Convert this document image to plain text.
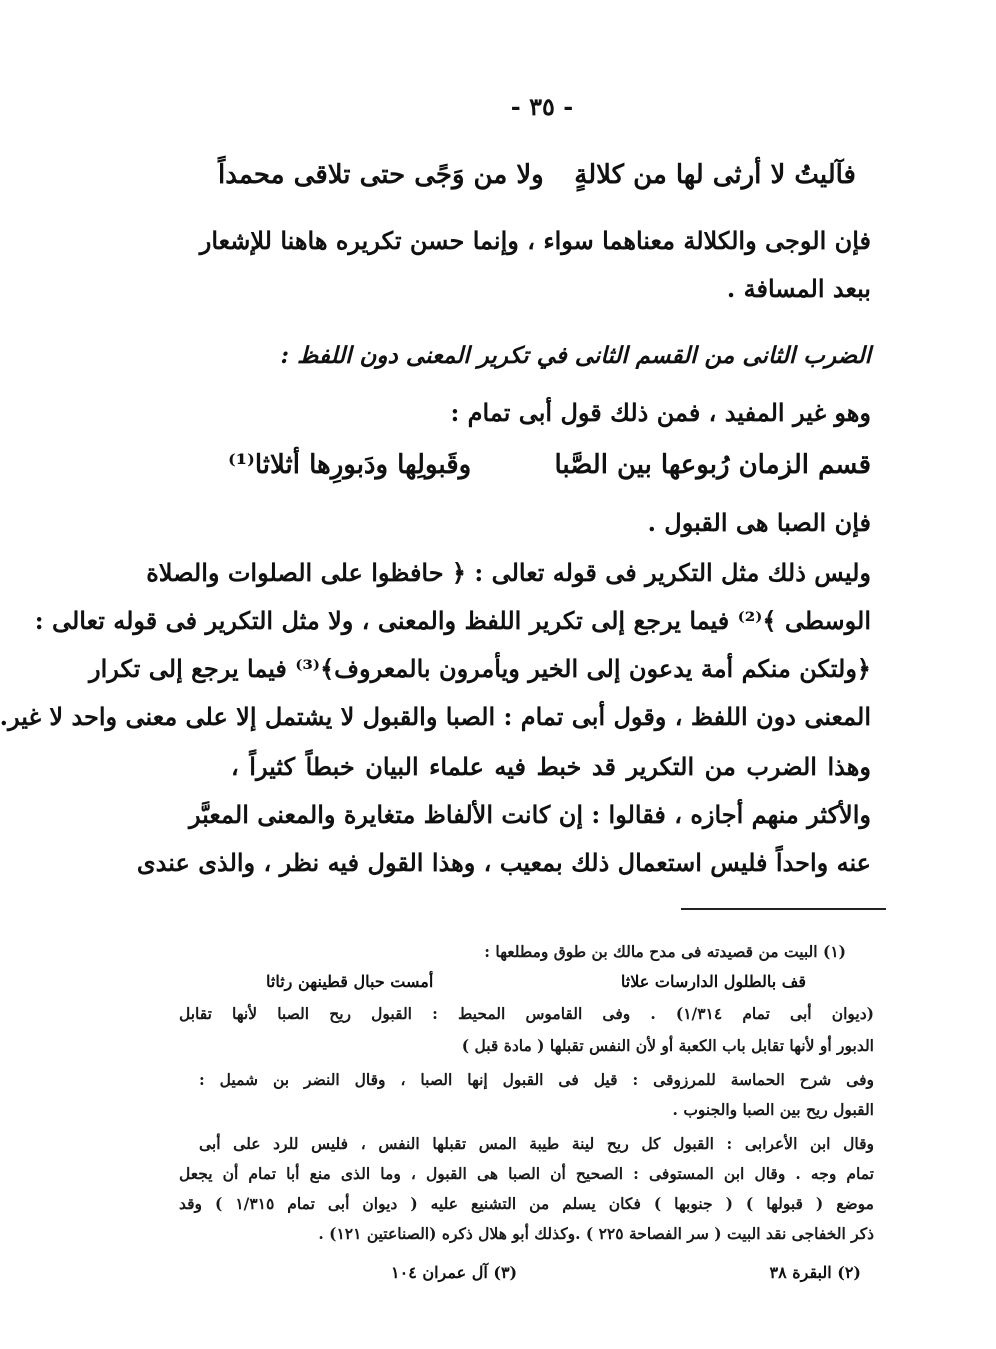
- ٣٥ -
فآليتُ لا أرثى لها من كلالةٍ
ولا من وَجًى حتى تلاقى محمداً
فإن الوجى والكلالة معناهما سواء ، وإنما حسن تكريره هاهنا للإشعار
ببعد المسافة .
الضرب الثانى من القسم الثانى في تكرير المعنى دون اللفظ :
وهو غير المفيد ، فمن ذلك قول أبى تمام :
قسم الزمان رُبوعها بين الصَّبا
وقَبولِها ودَبورِها أثلاثا⁽¹⁾
فإن الصبا هى القبول .
وليس ذلك مثل التكرير فى قوله تعالى : ﴿ حافظوا على الصلوات والصلاة
الوسطى ﴾⁽²⁾ فيما يرجع إلى تكرير اللفظ والمعنى ، ولا مثل التكرير فى قوله تعالى :
﴿ولتكن منكم أمة يدعون إلى الخير ويأمرون بالمعروف﴾⁽³⁾ فيما يرجع إلى تكرار
المعنى دون اللفظ ، وقول أبى تمام : الصبا والقبول لا يشتمل إلا على معنى واحد لا غير.
وهذا الضرب من التكرير قد خبط فيه علماء البيان خبطاً كثيراً ،
والأكثر منهم أجازه ، فقالوا : إن كانت الألفاظ متغايرة والمعنى المعبَّر
عنه واحداً فليس استعمال ذلك بمعيب ، وهذا القول فيه نظر ، والذى عندى
(١) البيت من قصيدته فى مدح مالك بن طوق ومطلعها :
قف بالطلول الدارسات علاثا
أمست حبال قطينهن رثاثا
(ديوان أبى تمام ١/٣١٤) . وفى القاموس المحيط : القبول ريح الصبا لأنها تقابل
الدبور أو لأنها تقابل باب الكعبة أو لأن النفس تقبلها ( مادة قبل )
وفى شرح الحماسة للمرزوقى : قيل فى القبول إنها الصبا ، وقال النضر بن شميل :
القبول ريح بين الصبا والجنوب .
وقال ابن الأعرابى : القبول كل ريح لينة طيبة المس تقبلها النفس ، فليس للرد على أبى
تمام وجه . وقال ابن المستوفى : الصحيح أن الصبا هى القبول ، وما الذى منع أبا تمام أن يجعل
موضع ( قبولها ) ( جنوبها ) فكان يسلم من التشنيع عليه ( ديوان أبى تمام ١/٣١٥ ) وقد
ذكر الخفاجى نقد البيت ( سر الفصاحة ٢٢٥ ) .وكذلك أبو هلال ذكره (الصناعتين ١٢١) .
(٢) البقرة ٣٨
(٣) آل عمران ١٠٤
